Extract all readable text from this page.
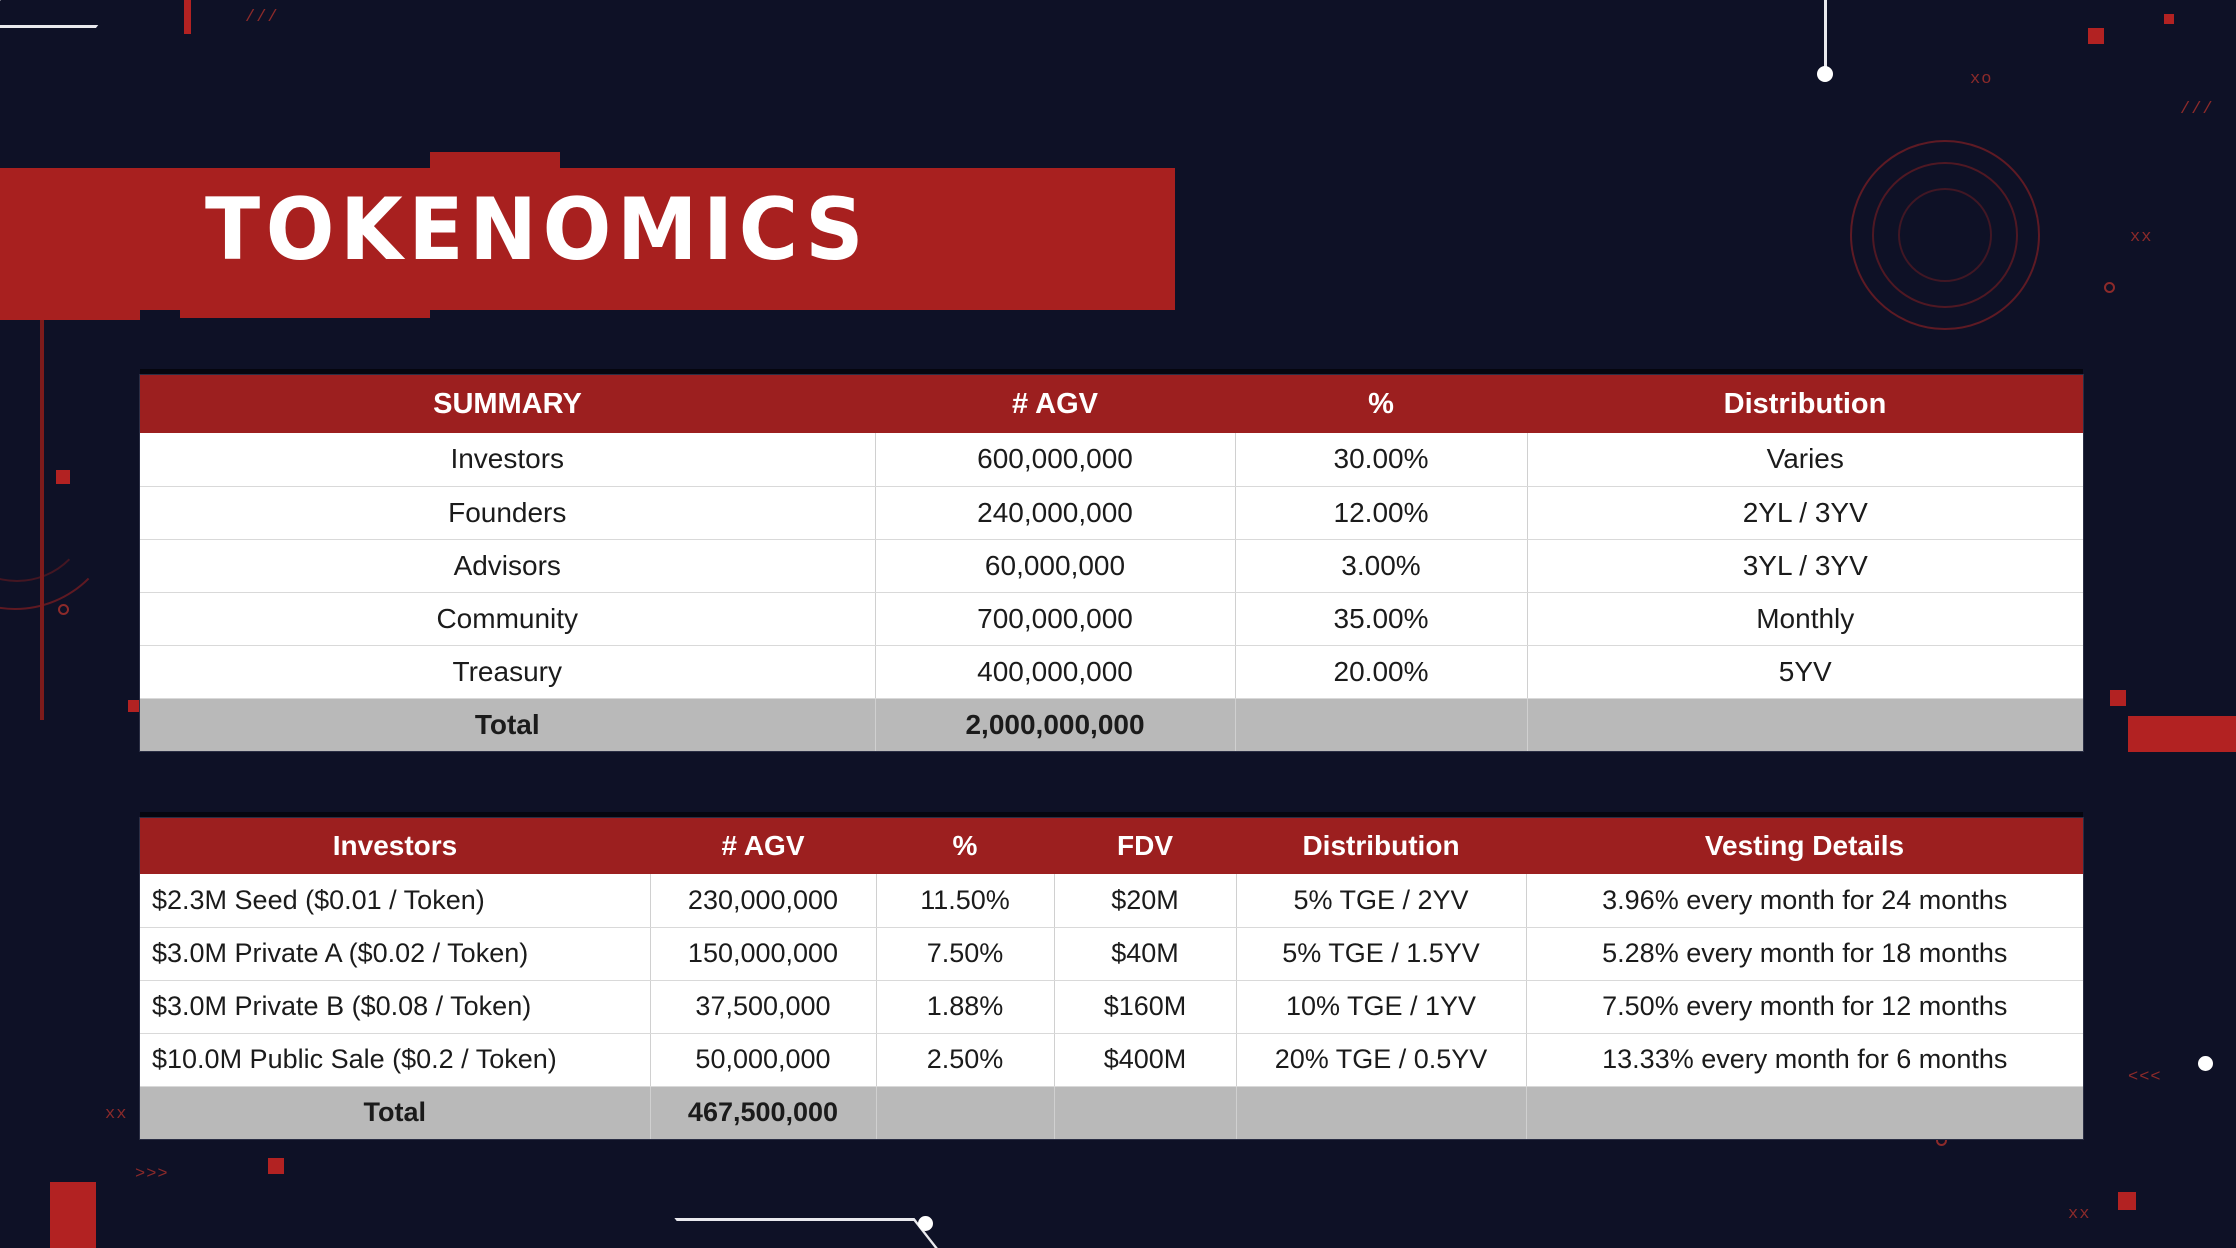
TOKENOMICS
SUMMARY	# AGV	%	Distribution
Investors	600,000,000	30.00%	Varies
Founders	240,000,000	12.00%	2YL / 3YV
Advisors	60,000,000	3.00%	3YL / 3YV
Community	700,000,000	35.00%	Monthly
Treasury	400,000,000	20.00%	5YV
Total	2,000,000,000		
Investors	# AGV	%	FDV	Distribution	Vesting Details
$2.3M Seed ($0.01 / Token)	230,000,000	11.50%	$20M	5% TGE / 2YV	3.96% every month for 24 months
$3.0M Private A ($0.02 / Token)	150,000,000	7.50%	$40M	5% TGE / 1.5YV	5.28% every month for 18 months
$3.0M Private B ($0.08 / Token)	37,500,000	1.88%	$160M	10% TGE / 1YV	7.50% every month for 12 months
$10.0M Public Sale ($0.2 / Token)	50,000,000	2.50%	$400M	20% TGE / 0.5YV	13.33% every month for 6 months
Total	467,500,000				
xo
xx
xx
>>>
<<<
xx
///
///
